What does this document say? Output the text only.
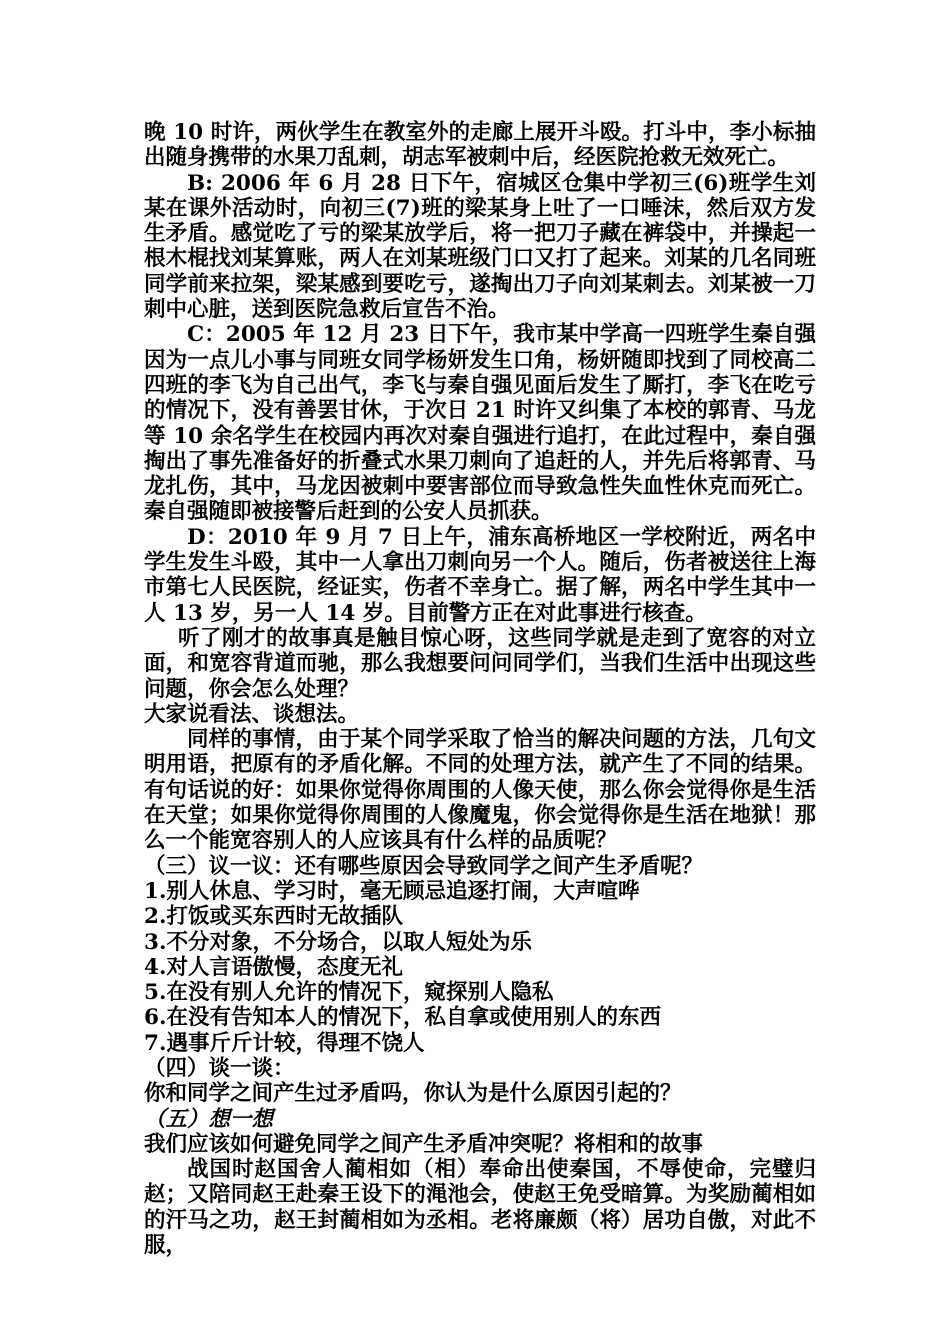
晚 10 时许，两伙学生在教室外的走廊上展开斗殴。打斗中，李小标抽出随身携带的水果刀乱刺，胡志军被刺中后，经医院抢救无效死亡。

B: 2006 年 6 月 28 日下午，宿城区仓集中学初三(6)班学生刘某在课外活动时，向初三(7)班的梁某身上吐了一口唾沫，然后双方发生矛盾。感觉吃了亏的梁某放学后，将一把刀子藏在裤袋中，并操起一根木棍找刘某算账，两人在刘某班级门口又打了起来。刘某的几名同班同学前来拉架，梁某感到要吃亏，遂掏出刀子向刘某刺去。刘某被一刀刺中心脏，送到医院急救后宣告不治。

C：2005 年 12 月 23 日下午，我市某中学高一四班学生秦自强因为一点儿小事与同班女同学杨妍发生口角，杨妍随即找到了同校高二四班的李飞为自己出气，李飞与秦自强见面后发生了厮打，李飞在吃亏的情况下，没有善罢甘休，于次日 21 时许又纠集了本校的郭青、马龙等 10 余名学生在校园内再次对秦自强进行追打，在此过程中，秦自强掏出了事先准备好的折叠式水果刀刺向了追赶的人，并先后将郭青、马龙扎伤，其中，马龙因被刺中要害部位而导致急性失血性休克而死亡。秦自强随即被接警后赶到的公安人员抓获。

D：2010 年 9 月 7 日上午，浦东高桥地区一学校附近，两名中学生发生斗殴，其中一人拿出刀刺向另一个人。随后，伤者被送往上海市第七人民医院，经证实，伤者不幸身亡。据了解，两名中学生其中一人 13 岁，另一人 14 岁。目前警方正在对此事进行核查。

听了刚才的故事真是触目惊心呀，这些同学就是走到了宽容的对立面，和宽容背道而驰，那么我想要问问同学们，当我们生活中出现这些问题，你会怎么处理？

大家说看法、谈想法。

同样的事情，由于某个同学采取了恰当的解决问题的方法，几句文明用语，把原有的矛盾化解。不同的处理方法，就产生了不同的结果。有句话说的好：如果你觉得你周围的人像天使，那么你会觉得你是生活在天堂；如果你觉得你周围的人像魔鬼，你会觉得你是生活在地狱！那么一个能宽容别人的人应该具有什么样的品质呢？

（三）议一议：还有哪些原因会导致同学之间产生矛盾呢？

1.别人休息、学习时，毫无顾忌追逐打闹，大声喧哗

2.打饭或买东西时无故插队

3.不分对象，不分场合，以取人短处为乐

4.对人言语傲慢，态度无礼

5.在没有别人允许的情况下，窥探别人隐私

6.在没有告知本人的情况下，私自拿或使用别人的东西

7.遇事斤斤计较，得理不饶人

（四）谈一谈：

你和同学之间产生过矛盾吗，你认为是什么原因引起的？

（五）想一想

我们应该如何避免同学之间产生矛盾冲突呢？将相和的故事

战国时赵国舍人蔺相如（相）奉命出使秦国，不辱使命，完璧归赵；又陪同赵王赴秦王设下的渑池会，使赵王免受暗算。为奖励蔺相如的汗马之功，赵王封蔺相如为丞相。老将廉颇（将）居功自傲，对此不服，
